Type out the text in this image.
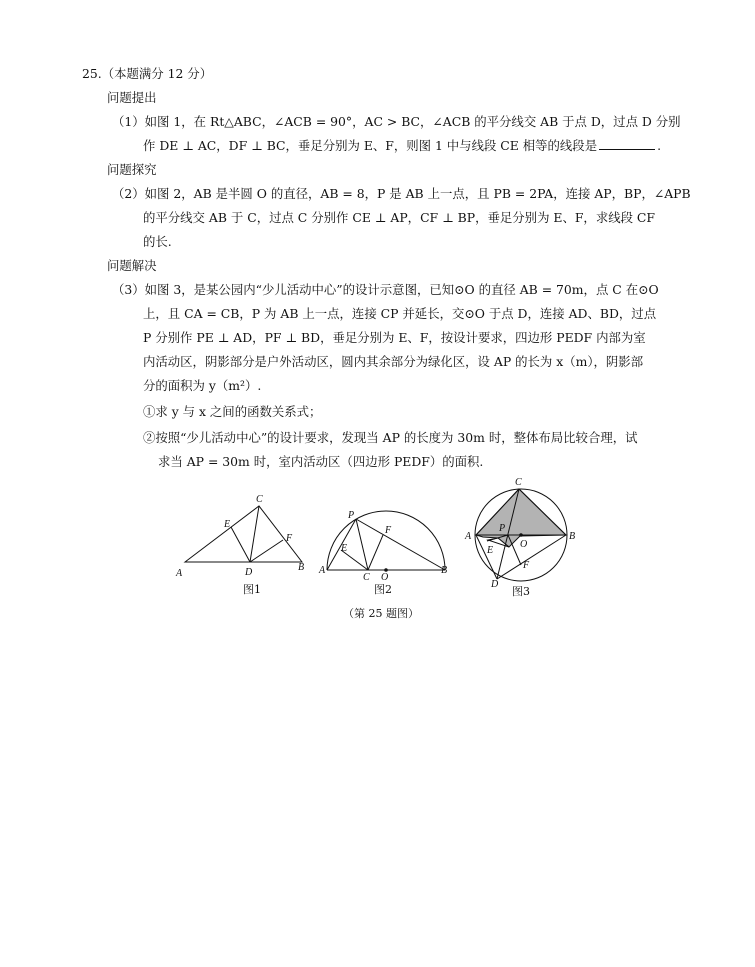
25.（本题满分 12 分）
问题提出
（1）如图 1，在 Rt△ABC，∠ACB = 90°，AC > BC，∠ACB 的平分线交 AB 于点 D，过点 D 分别
作 DE ⊥ AC，DF ⊥ BC，垂足分别为 E、F，则图 1 中与线段 CE 相等的线段是	.
问题探究
（2）如图 2，AB 是半圆 O 的直径，AB = 8，P 是 AB 上一点，且 PB = 2PA，连接 AP，BP，∠APB
的平分线交 AB 于 C，过点 C 分别作 CE ⊥ AP，CF ⊥ BP，垂足分别为 E、F，求线段 CF
的长.
问题解决
（3）如图 3，是某公园内“少儿活动中心”的设计示意图，已知⊙O 的直径 AB = 70m，点 C 在⊙O
上，且 CA = CB，P 为 AB 上一点，连接 CP 并延长，交⊙O 于点 D，连接 AD、BD，过点
P 分别作 PE ⊥ AD，PF ⊥ BD，垂足分别为 E、F，按设计要求，四边形 PEDF 内部为室
内活动区，阴影部分是户外活动区，圆内其余部分为绿化区，设 AP 的长为 x（m），阴影部
分的面积为 y（m²）.
①求 y 与 x 之间的函数关系式；
②按照“少儿活动中心”的设计要求，发现当 AP 的长度为 30m 时，整体布局比较合理，试
求当 AP = 30m 时，室内活动区（四边形 PEDF）的面积.
C
E
F
A	D	B
图1
P
F
E
A
C O
B
图2
C
A
P
O
B
E
F
D
图3
（第 25 题图）
